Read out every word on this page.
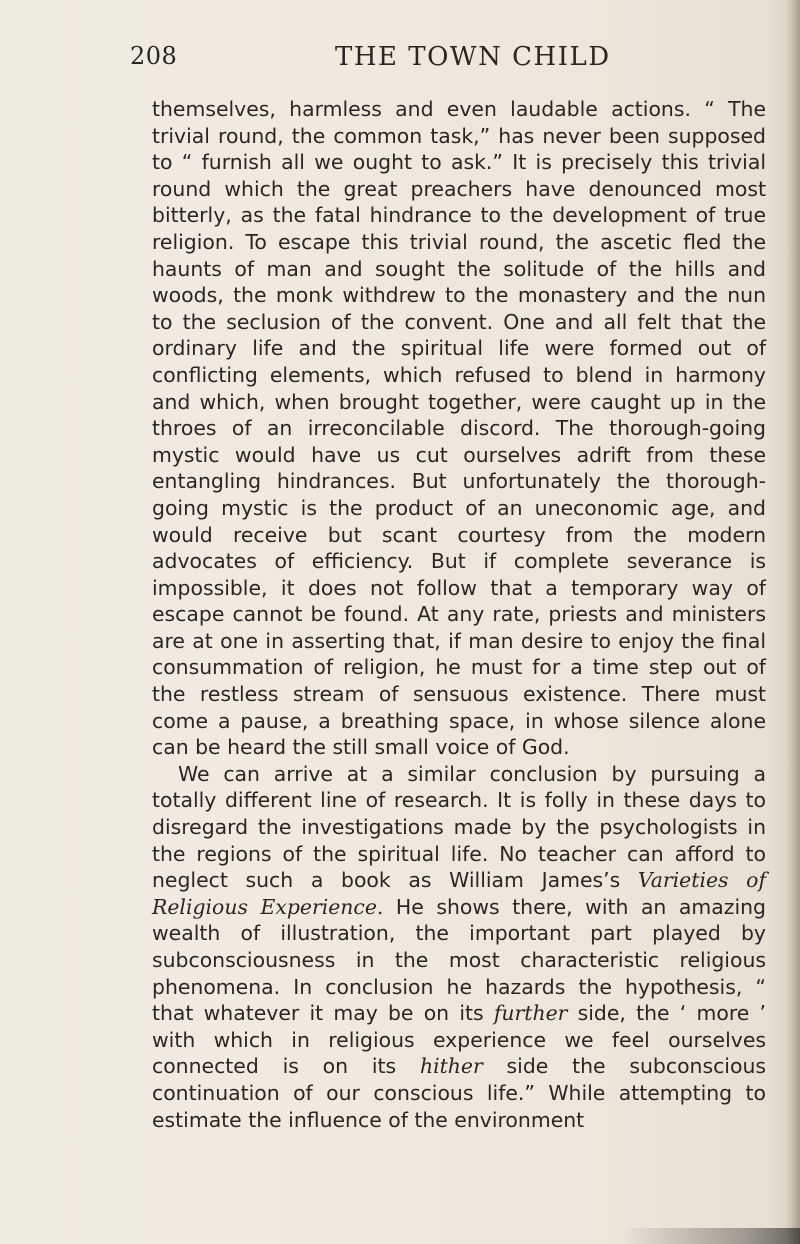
208	THE TOWN CHILD

themselves, harmless and even laudable actions. “ The trivial round, the common task,” has never been supposed to “ furnish all we ought to ask.” It is precisely this trivial round which the great preachers have denounced most bitterly, as the fatal hindrance to the development of true religion. To escape this trivial round, the ascetic fled the haunts of man and sought the solitude of the hills and woods, the monk withdrew to the monastery and the nun to the seclusion of the convent. One and all felt that the ordinary life and the spiritual life were formed out of conflicting elements, which refused to blend in harmony and which, when brought together, were caught up in the throes of an irreconcilable discord. The thorough-going mystic would have us cut ourselves adrift from these entangling hindrances. But unfortunately the thorough-going mystic is the product of an uneconomic age, and would receive but scant courtesy from the modern advocates of efficiency. But if complete severance is impossible, it does not follow that a temporary way of escape cannot be found. At any rate, priests and ministers are at one in asserting that, if man desire to enjoy the final consummation of religion, he must for a time step out of the restless stream of sensuous existence. There must come a pause, a breathing space, in whose silence alone can be heard the still small voice of God.

We can arrive at a similar conclusion by pursuing a totally different line of research. It is folly in these days to disregard the investigations made by the psychologists in the regions of the spiritual life. No teacher can afford to neglect such a book as William James’s Varieties of Religious Experience. He shows there, with an amazing wealth of illustration, the important part played by subconsciousness in the most characteristic religious phenomena. In conclusion he hazards the hypothesis, “ that whatever it may be on its further side, the ‘ more ’ with which in religious experience we feel ourselves connected is on its hither side the subconscious continuation of our conscious life.” While attempting to estimate the influence of the environment
